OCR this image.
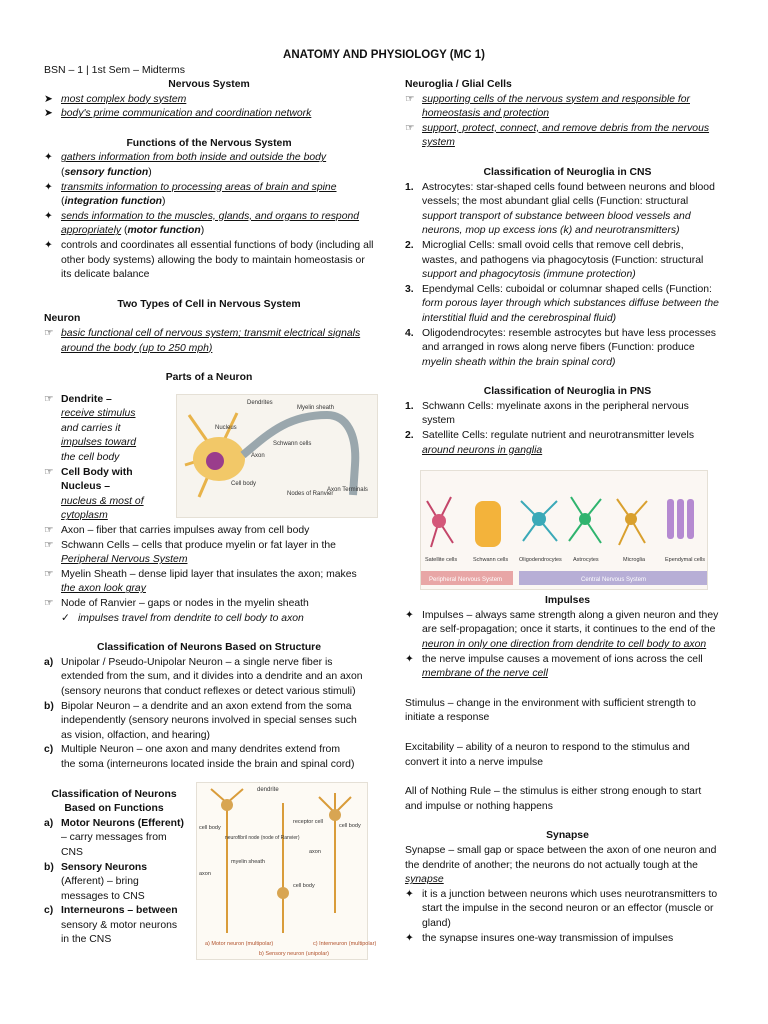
ANATOMY AND PHYSIOLOGY (MC 1)
BSN – 1 | 1st Sem – Midterms

Nervous System

➤ most complex body system
➤ body's prime communication and coordination network

Functions of the Nervous System

✦ gathers information from both inside and outside the body
(sensory function)
✦ transmits information to processing areas of brain and spine
(integration function)
✦ sends information to the muscles, glands, and organs to respond appropriately (motor function)
✦ controls and coordinates all essential functions of body (including all other body systems) allowing the body to maintain homeostasis or its delicate balance

Two Types of Cell in Nervous System

Neuron

☞ basic functional cell of nervous system; transmit electrical signals around the body (up to 250 mph)

Parts of a Neuron

☞ Dendrite –
receive stimulus
and carries it
impulses toward
the cell body
☞ Cell Body with
Nucleus –
nucleus & most of
cytoplasm
☞ Axon – fiber that carries impulses away from cell body
☞ Schwann Cells – cells that produce myelin or fat layer in the
Peripheral Nervous System
☞ Myelin Sheath – dense lipid layer that insulates the axon; makes
the axon look gray
☞ Node of Ranvier – gaps or nodes in the myelin sheath
✓ impulses travel from dendrite to cell body to axon

Classification of Neurons Based on Structure

a) Unipolar / Pseudo-Unipolar Neuron – a single nerve fiber is
extended from the sum, and it divides into a dendrite and an axon
(sensory neurons that conduct reflexes or detect various stimuli)
b) Bipolar Neuron – a dendrite and an axon extend from the soma
independently (sensory neurons involved in special senses such
as vision, olfaction, and hearing)
c) Multiple Neuron – one axon and many dendrites extend from
the soma (interneurons located inside the brain and spinal cord)

Classification of Neurons
Based on Functions

a) Motor Neurons (Efferent)
– carry messages from
CNS
b) Sensory Neurons
(Afferent) – bring
messages to CNS
c) Interneurons – between
sensory & motor neurons
in the CNS
Dendrites
Myelin sheath
Nucleus
Axon
Schwann cells
Cell body
Nodes of Ranvier
Axon Terminals
dendrite
cell body
neurofibril node (node of Ranvier)
myelin sheath
axon
receptor cell
cell body
axon
cell body
a) Motor neuron (multipolar)
b) Sensory neuron (unipolar)
c) Interneuron (multipolar)

Neuroglia / Glial Cells

☞ supporting cells of the nervous system and responsible for
homeostasis and protection
☞ support, protect, connect, and remove debris from the nervous
system

Classification of Neuroglia in CNS

1. Astrocytes: star-shaped cells found between neurons and blood
vessels; the most abundant glial cells (Function: structural
support transport of substance between blood vessels and
neurons, mop up excess ions (k) and neurotransmitters)
2. Microglial Cells: small ovoid cells that remove cell debris,
wastes, and pathogens via phagocytosis (Function: structural
support and phagocytosis (immune protection)
3. Ependymal Cells: cuboidal or columnar shaped cells (Function:
form porous layer through which substances diffuse between the
interstitial fluid and the cerebrospinal fluid)
4. Oligodendrocytes: resemble astrocytes but have less processes
and arranged in rows along nerve fibers (Function: produce
myelin sheath within the brain spinal cord)

Classification of Neuroglia in PNS

1. Schwann Cells: myelinate axons in the peripheral nervous
system
2. Satellite Cells: regulate nutrient and neurotransmitter levels
around neurons in ganglia

Impulses

✦ Impulses – always same strength along a given neuron and they
are self-propagation; once it starts, it continues to the end of the
neuron in only one direction from dendrite to cell body to axon
✦ the nerve impulse causes a movement of ions across the cell
membrane of the nerve cell
Stimulus – change in the environment with sufficient strength to
initiate a response
Excitability – ability of a neuron to respond to the stimulus and
convert it into a nerve impulse
All of Nothing Rule – the stimulus is either strong enough to start
and impulse or nothing happens

Synapse

Synapse – small gap or space between the axon of one neuron and
the dendrite of another; the neurons do not actually tough at the
synapse
✦ it is a junction between neurons which uses neurotransmitters to
start the impulse in the second neuron or an effector (muscle or
gland)
✦ the synapse insures one-way transmission of impulses
Satellite cells	Schwann cells Oligodendrocytes Astrocytes	Microglia	Ependymal cells
Peripheral Nervous System	Central Nervous System
